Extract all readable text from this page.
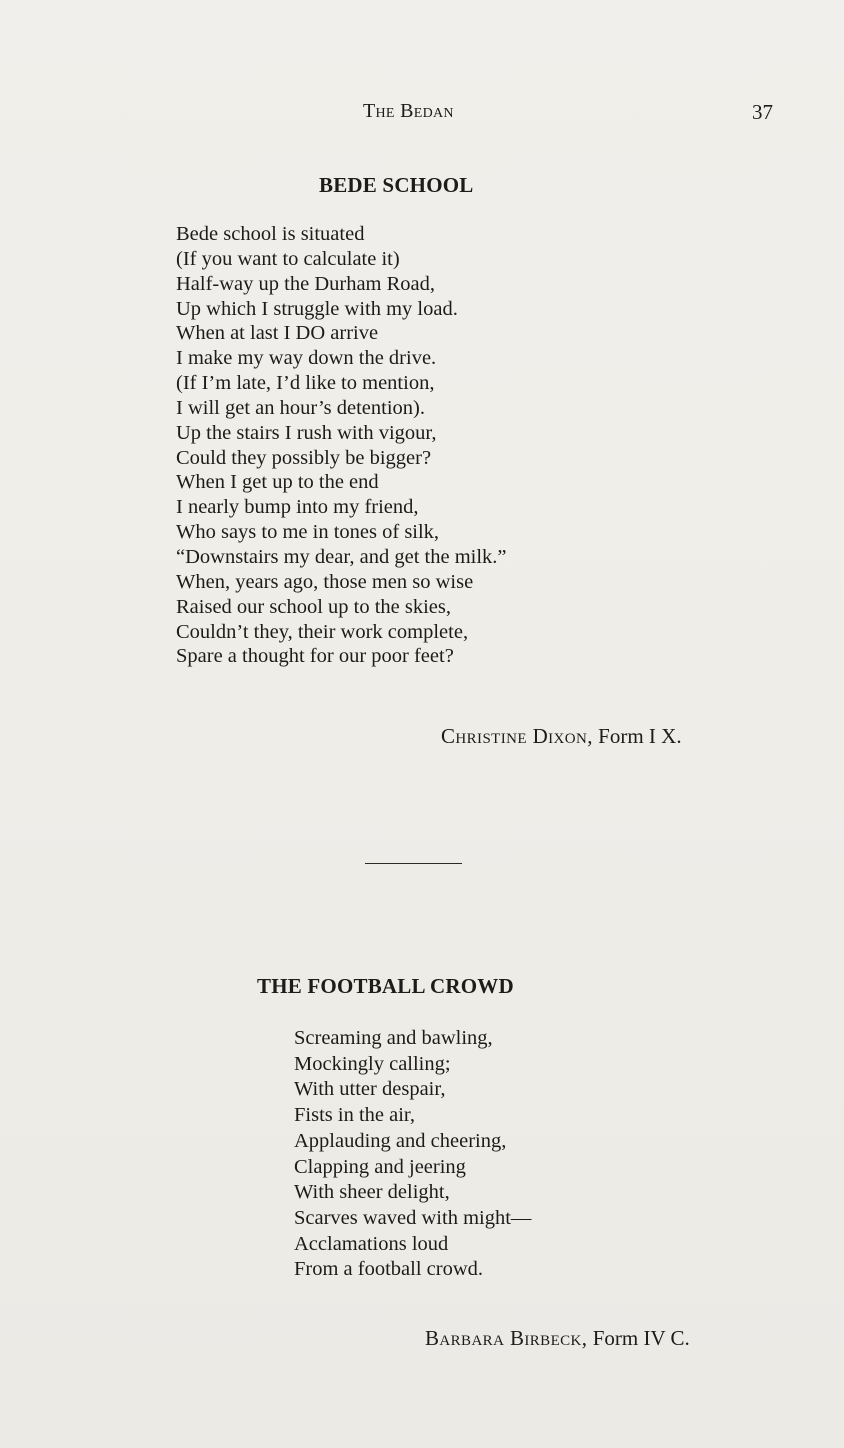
The Bedan	37
BEDE SCHOOL
Bede school is situated
(If you want to calculate it)
Half-way up the Durham Road,
Up which I struggle with my load.
When at last I DO arrive
I make my way down the drive.
(If I’m late, I’d like to mention,
I will get an hour’s detention).
Up the stairs I rush with vigour,
Could they possibly be bigger?
When I get up to the end
I nearly bump into my friend,
Who says to me in tones of silk,
“Downstairs my dear, and get the milk.”
When, years ago, those men so wise
Raised our school up to the skies,
Couldn’t they, their work complete,
Spare a thought for our poor feet?
Christine Dixon, Form I X.
THE FOOTBALL CROWD
Screaming and bawling,
Mockingly calling;
With utter despair,
Fists in the air,
Applauding and cheering,
Clapping and jeering
With sheer delight,
Scarves waved with might—
Acclamations loud
From a football crowd.
Barbara Birbeck, Form IV C.
